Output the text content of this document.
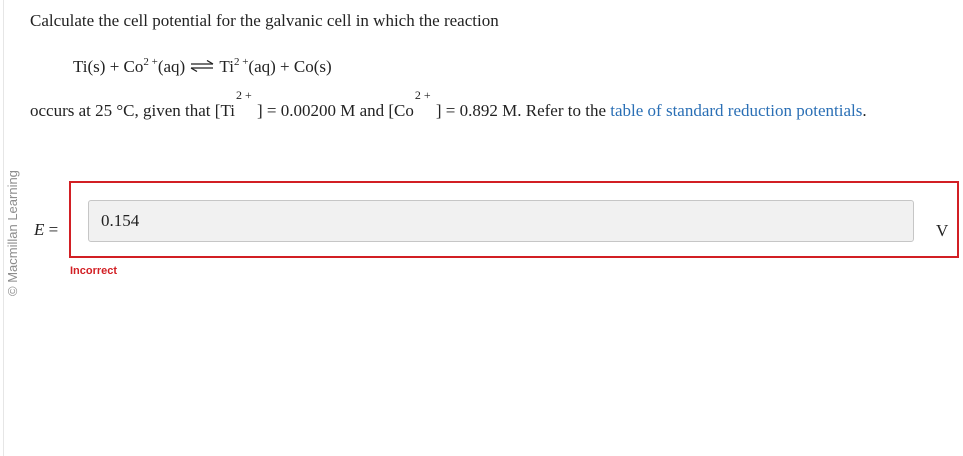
© Macmillan Learning
Calculate the cell potential for the galvanic cell in which the reaction
$Ti(s) + Co^{2 +}(aq)$ ⇌ $Ti^{2 +}(aq) + Co(s)$
occurs at 25 °C, given that [Ti
2 +
] = 0.00200 M and [Co
2 +
] = 0.892 M. Refer to the table of standard reduction potentials.
E =	0.154
V
Incorrect
